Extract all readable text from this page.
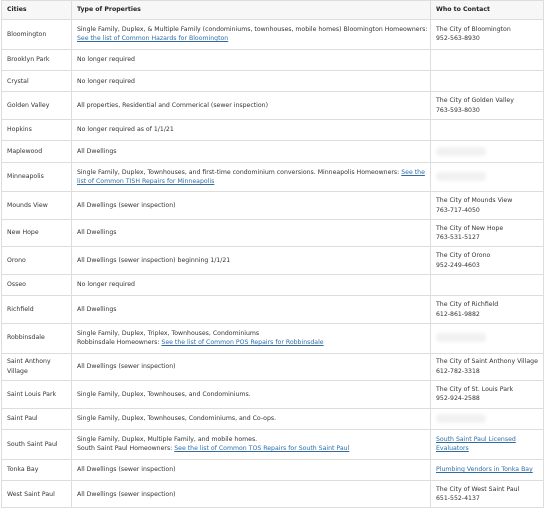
Cities	Type of Properties	Who to Contact
Bloomington	Single Family, Duplex, & Multiple Family (condominiums, townhouses, mobile homes) Bloomington Homeowners: See the list of Common Hazards for Bloomington	The City of Bloomington
952-563-8930

Brooklyn Park	No longer required	
Crystal	No longer required	
Golden Valley	All properties, Residential and Commerical (sewer inspection)	The City of Golden Valley
763-593-8030

Hopkins	No longer required as of 1/1/21	
Maplewood	All Dwellings	
Minneapolis	Single Family, Duplex, Townhouses, and first-time condominium conversions. Minneapolis Homeowners: See the list of Common TISH Repairs for Minneapolis	
Mounds View	All Dwellings (sewer inspection)	The City of Mounds View
763-717-4050

New Hope	All Dwellings	The City of New Hope
763-531-5127

Orono	All Dwellings (sewer inspection) beginning 1/1/21	The City of Orono
952-249-4603

Osseo	No longer required	
Richfield	All Dwellings	The City of Richfield
612-861-9882

Robbinsdale	Single Family, Duplex, Triplex, Townhouses, Condominiums
Robbinsdale Homeowners: See the list of Common POS Repairs for Robbinsdale	
Saint Anthony Village	All Dwellings (sewer inspection)	The City of Saint Anthony Village
612-782-3318

Saint Louis Park	Single Family, Duplex, Townhouses, and Condominiums.	The City of St. Louis Park
952-924-2588

Saint Paul	Single Family, Duplex, Townhouses, Condominiums, and Co-ops.	
South Saint Paul	Single Family, Duplex, Multiple Family, and mobile homes.
South Saint Paul Homeowners: See the list of Common TOS Repairs for South Saint Paul	South Saint Paul Licensed Evaluators
Tonka Bay	All Dwellings (sewer inspection)	Plumbing Vendors in Tonka Bay
West Saint Paul	All Dwellings (sewer inspection)	The City of West Saint Paul
651-552-4137
